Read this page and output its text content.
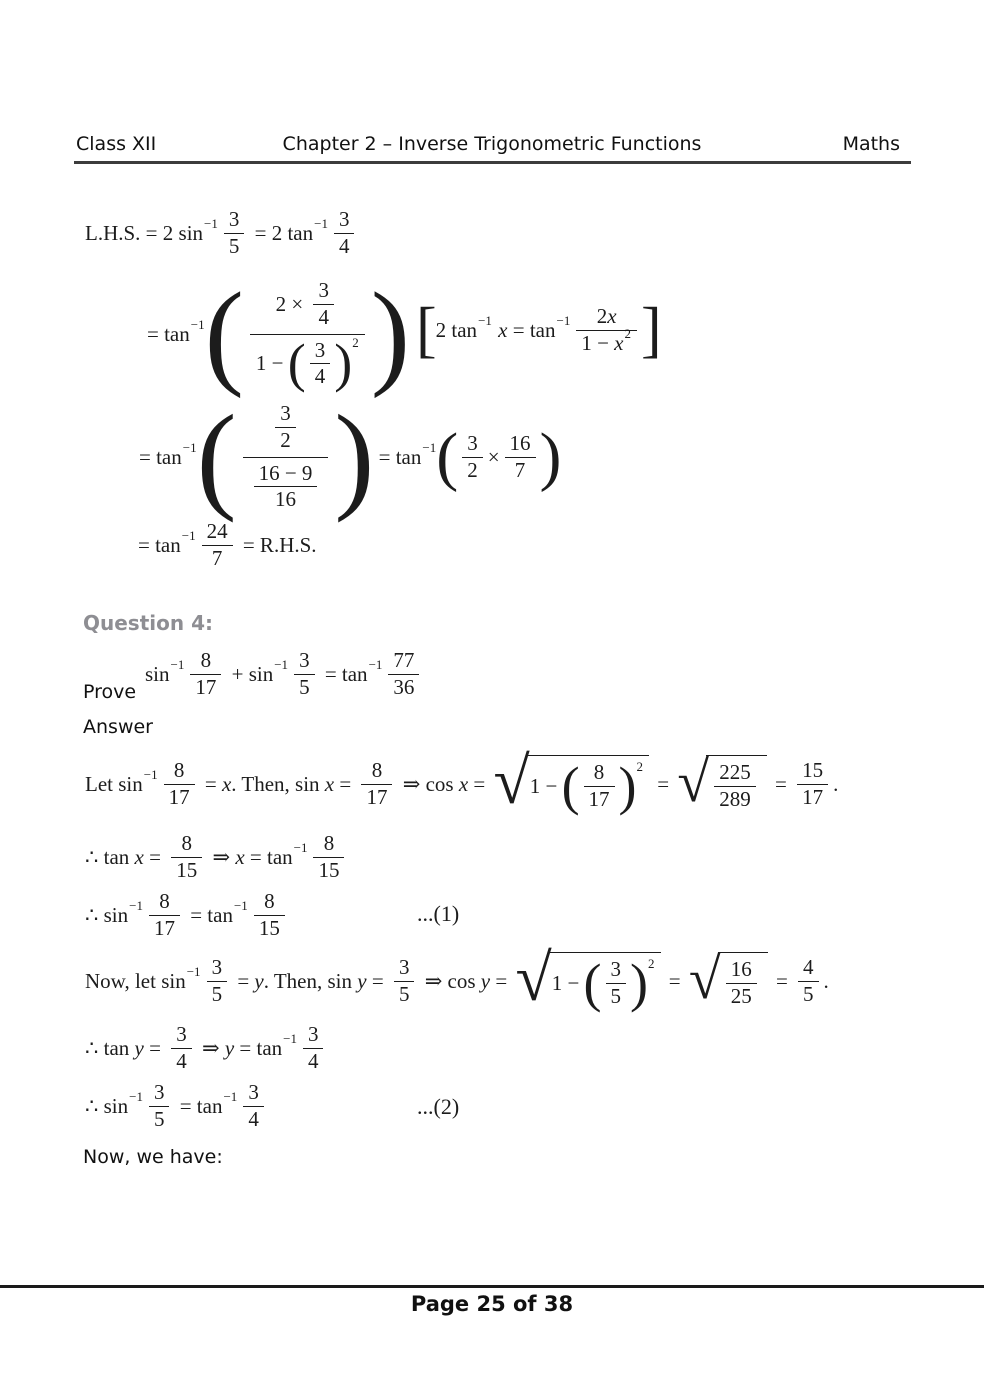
Class XII	Chapter 2 – Inverse Trigonometric Functions	Maths
L.H.S. = 2 $\sin -1 \frac{3}{5} = 2$ $\tan -1 \frac{3}{4}$
= tan −1 ( $2 \times \frac{3}{4}$
1 − ( $\frac{3}{4}$ ) 2 ) [ 2 tan −1 $x = \tan -1 \frac{2 x}{1 - x 2}$ ]
= tan −1 ( $\frac{\frac{3}{2}}{\frac{16 - 9}{16}}$ ) = tan −1 ( $\frac{3}{2} \times \frac{16}{7}$ )
= $\tan -1 \frac{24}{7} = R.H.S$.
Question 4:
Prove
$\sin -1 \frac{8}{17} + \sin -1 \frac{3}{5} = \tan -1 \frac{77}{36}$
Answer
Let $\sin -1 \frac{8}{17} = x$ . Then, $\sin x = \frac{8}{17}$ ⇒ cos x = √ 1 − ( $\frac{8}{17}$ ) 2
= √ $\frac{225}{289} = \frac{15}{17}$ .
∴ $\tan x = \frac{8}{15}$ ⇒ $x = \tan -1 \frac{8}{15}$
∴ $\sin -1 \frac{8}{17} = \tan -1 \frac{8}{15}$	...(1)
Now, let $\sin -1 \frac{3}{5} = y$ . Then, $\sin y = \frac{3}{5}$ ⇒ cos y = √ 1 − ( $\frac{3}{5}$ ) 2
= √ $\frac{16}{25} = \frac{4}{5}$ .
∴ $\tan y = \frac{3}{4}$ ⇒ $y = \tan -1 \frac{3}{4}$
∴ $\sin -1 \frac{3}{5} = \tan -1 \frac{3}{4}$	...(2)
Now, we have:
Page 25 of 38
